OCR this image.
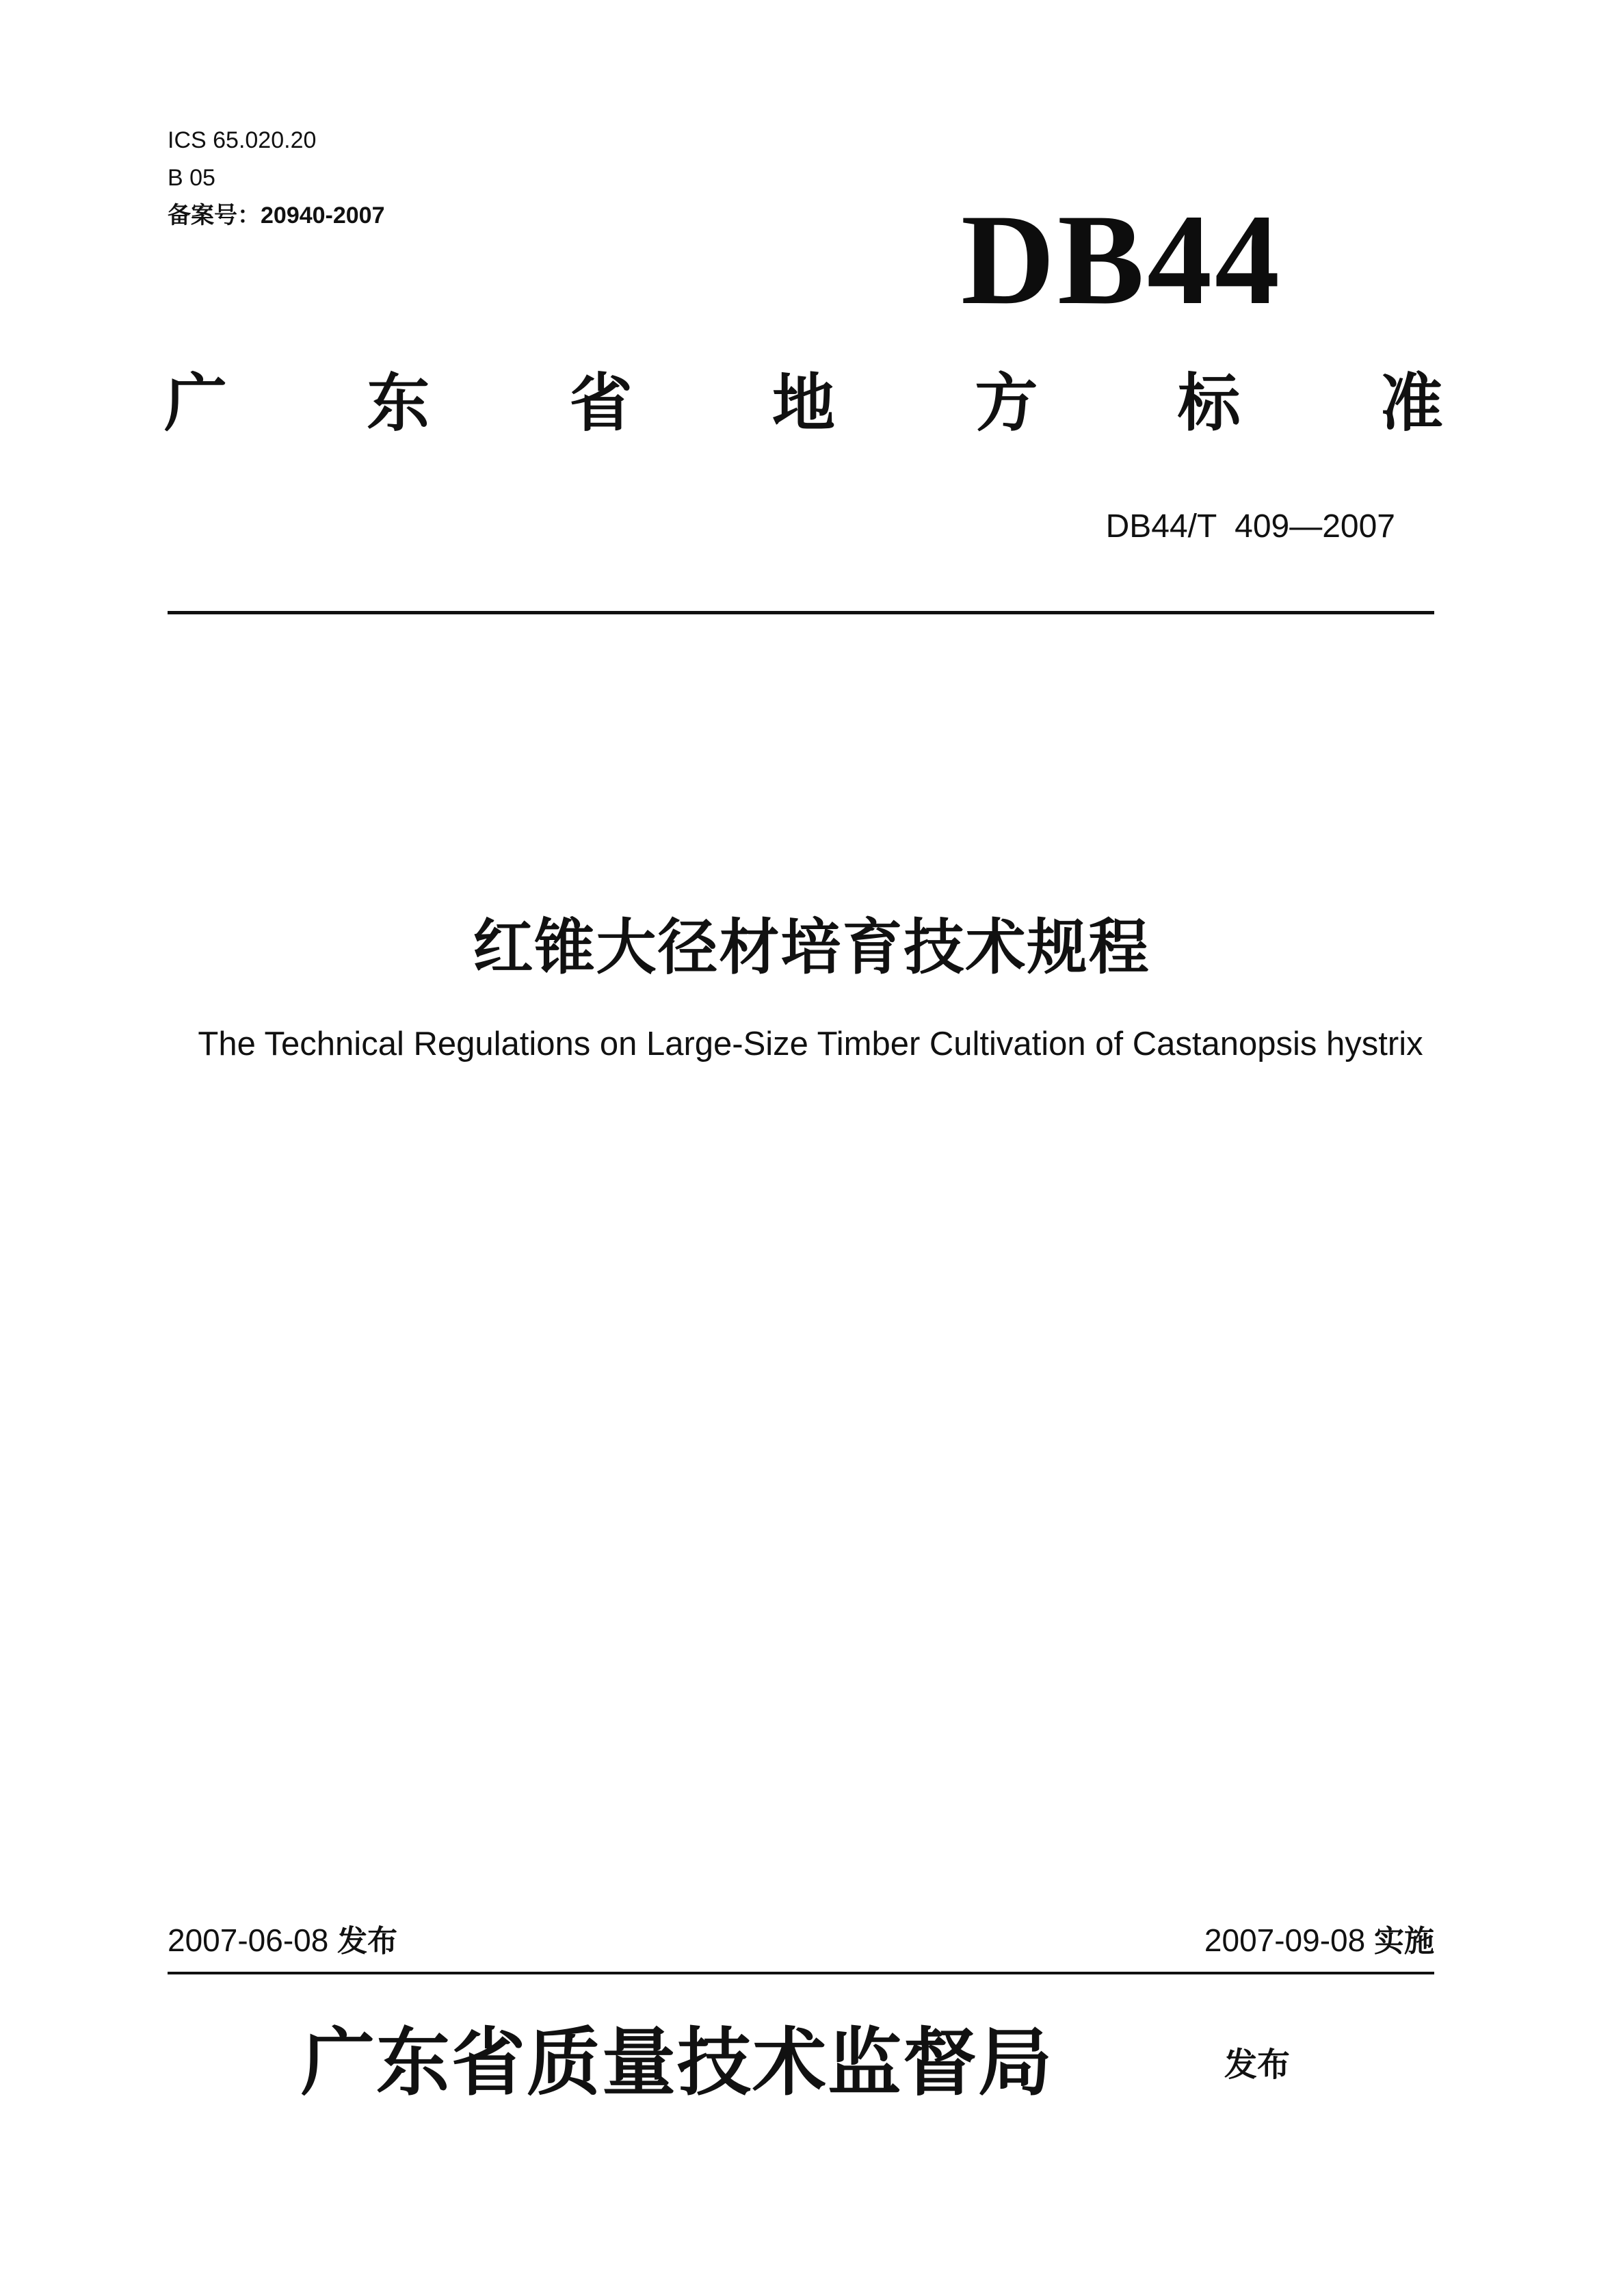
ICS 65.020.20
B 05
备案号：20940-2007	DB44
广 东 省 地 方 标 准
DB44/T  409—2007
红锥大径材培育技术规程
The Technical Regulations on Large-Size Timber Cultivation of Castanopsis hystrix
2007-06-08 发布	2007-09-08 实施
广东省质量技术监督局	发布
